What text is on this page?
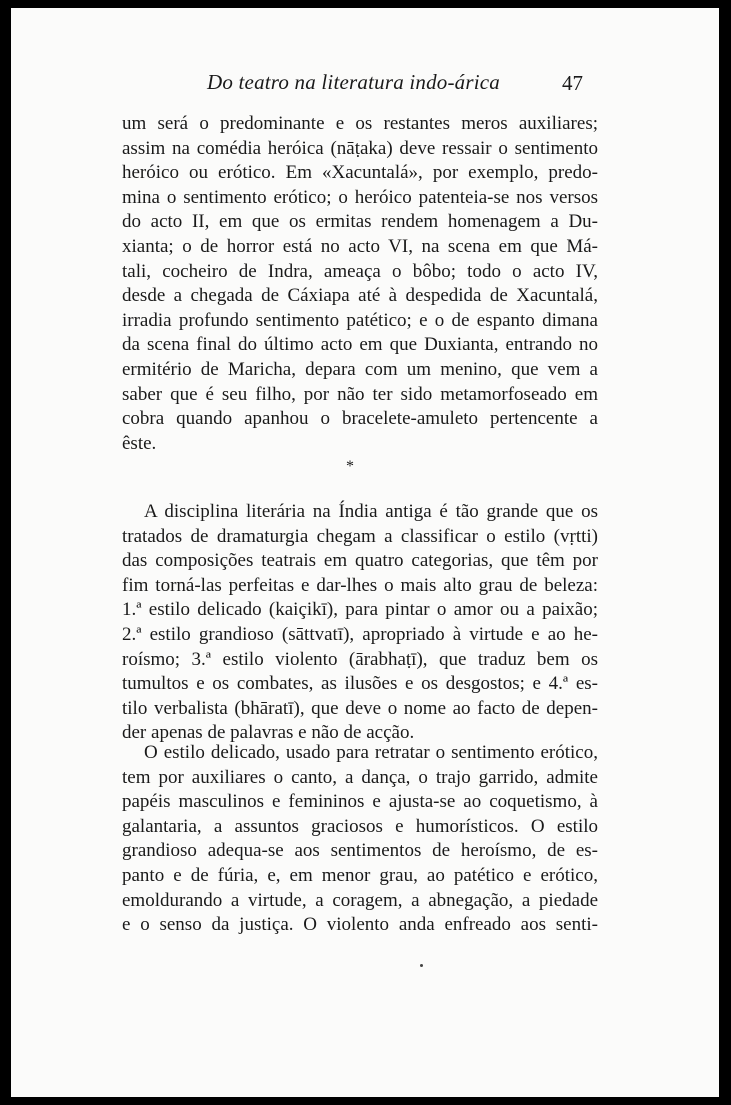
Do teatro na literatura indo-árica	47
um será o predominante e os restantes meros auxiliares;
assim na comédia heróica (nāṭaka) deve ressair o sentimento
heróico ou erótico. Em «Xacuntalá», por exemplo, predo-
mina o sentimento erótico; o heróico patenteia-se nos versos
do acto II, em que os ermitas rendem homenagem a Du-
xianta; o de horror está no acto VI, na scena em que Má-
tali, cocheiro de Indra, ameaça o bôbo; todo o acto IV,
desde a chegada de Cáxiapa até à despedida de Xacuntalá,
irradia profundo sentimento patético; e o de espanto dimana
da scena final do último acto em que Duxianta, entrando no
ermitério de Maricha, depara com um menino, que vem a
saber que é seu filho, por não ter sido metamorfoseado em
cobra quando apanhou o bracelete-amuleto pertencente a
êste.
*
A disciplina literária na Índia antiga é tão grande que os
tratados de dramaturgia chegam a classificar o estilo (vṛtti)
das composições teatrais em quatro categorias, que têm por
fim torná-las perfeitas e dar-lhes o mais alto grau de beleza:
1.ª estilo delicado (kaiçikī), para pintar o amor ou a paixão;
2.ª estilo grandioso (sāttvatī), apropriado à virtude e ao he-
roísmo; 3.ª estilo violento (ārabhaṭī), que traduz bem os
tumultos e os combates, as ilusões e os desgostos; e 4.ª es-
tilo verbalista (bhāratī), que deve o nome ao facto de depen-
der apenas de palavras e não de acção.
O estilo delicado, usado para retratar o sentimento erótico,
tem por auxiliares o canto, a dança, o trajo garrido, admite
papéis masculinos e femininos e ajusta-se ao coquetismo, à
galantaria, a assuntos graciosos e humorísticos. O estilo
grandioso adequa-se aos sentimentos de heroísmo, de es-
panto e de fúria, e, em menor grau, ao patético e erótico,
emoldurando a virtude, a coragem, a abnegação, a piedade
e o senso da justiça. O violento anda enfreado aos senti-
